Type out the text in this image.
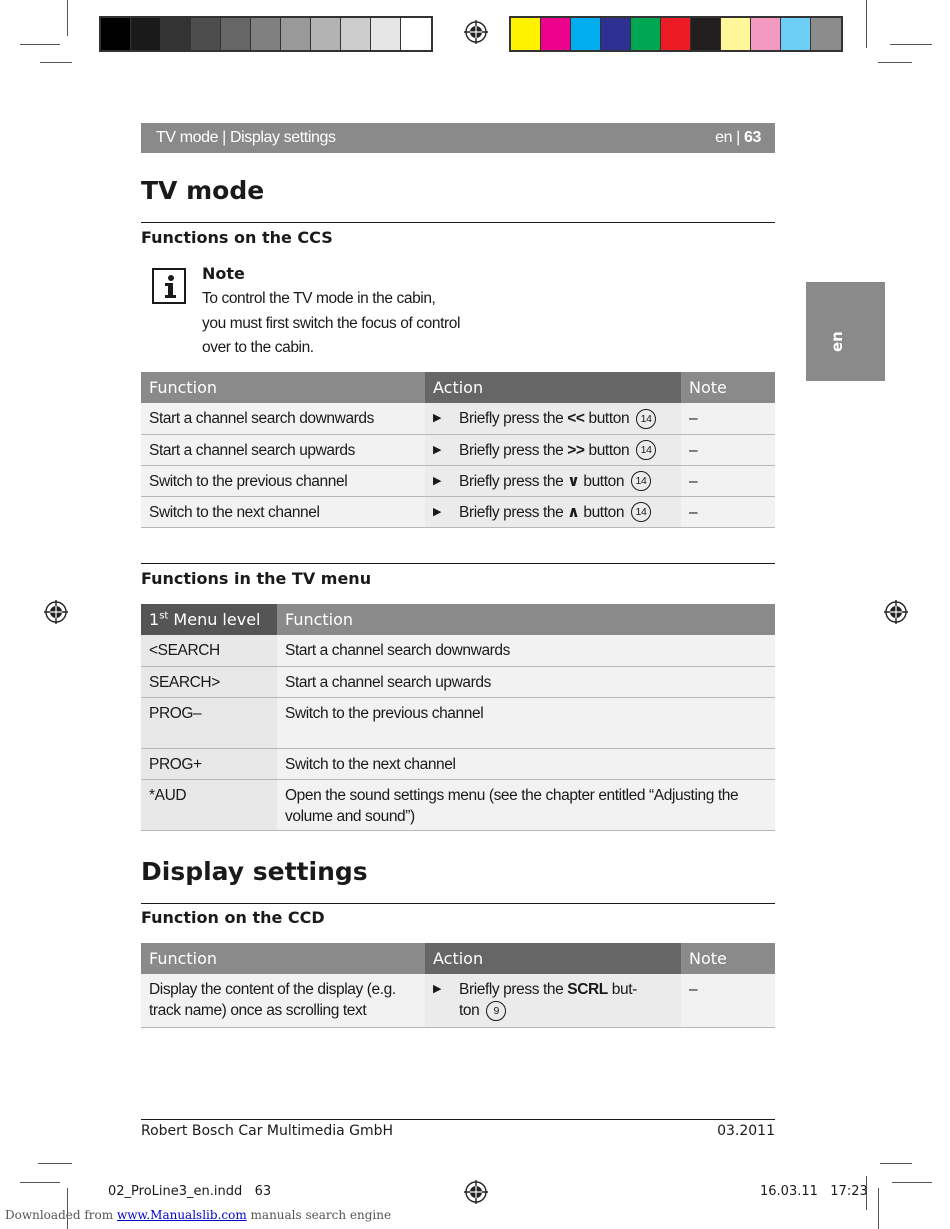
TV mode | Display settings	en | 63
en
TV mode
Functions on the CCS
Note
To control the TV mode in the cabin, you must first switch the focus of control over to the cabin.
Function	Action	Note
Start a channel search downwards	▶ Briefly press the << button 14	–
Start a channel search upwards	▶ Briefly press the >> button 14	–
Switch to the previous channel	▶ Briefly press the ∨ button 14	–
Switch to the next channel	▶ Briefly press the ∧ button 14	–
Functions in the TV menu
1st Menu level	Function
<SEARCH	Start a channel search downwards
SEARCH>	Start a channel search upwards
PROG–	Switch to the previous channel
PROG+	Switch to the next channel
*AUD	Open the sound settings menu (see the chapter entitled “Adjusting the volume and sound”)
Display settings
Function on the CCD
Function	Action	Note
Display the content of the display (e.g. track name) once as scrolling text	▶ Briefly press the SCRL but-ton 9	–
Robert Bosch Car Multimedia GmbH	03.2011
02_ProLine3_en.indd   63	16.03.11   17:23
Downloaded from www.Manualslib.com manuals search engine
